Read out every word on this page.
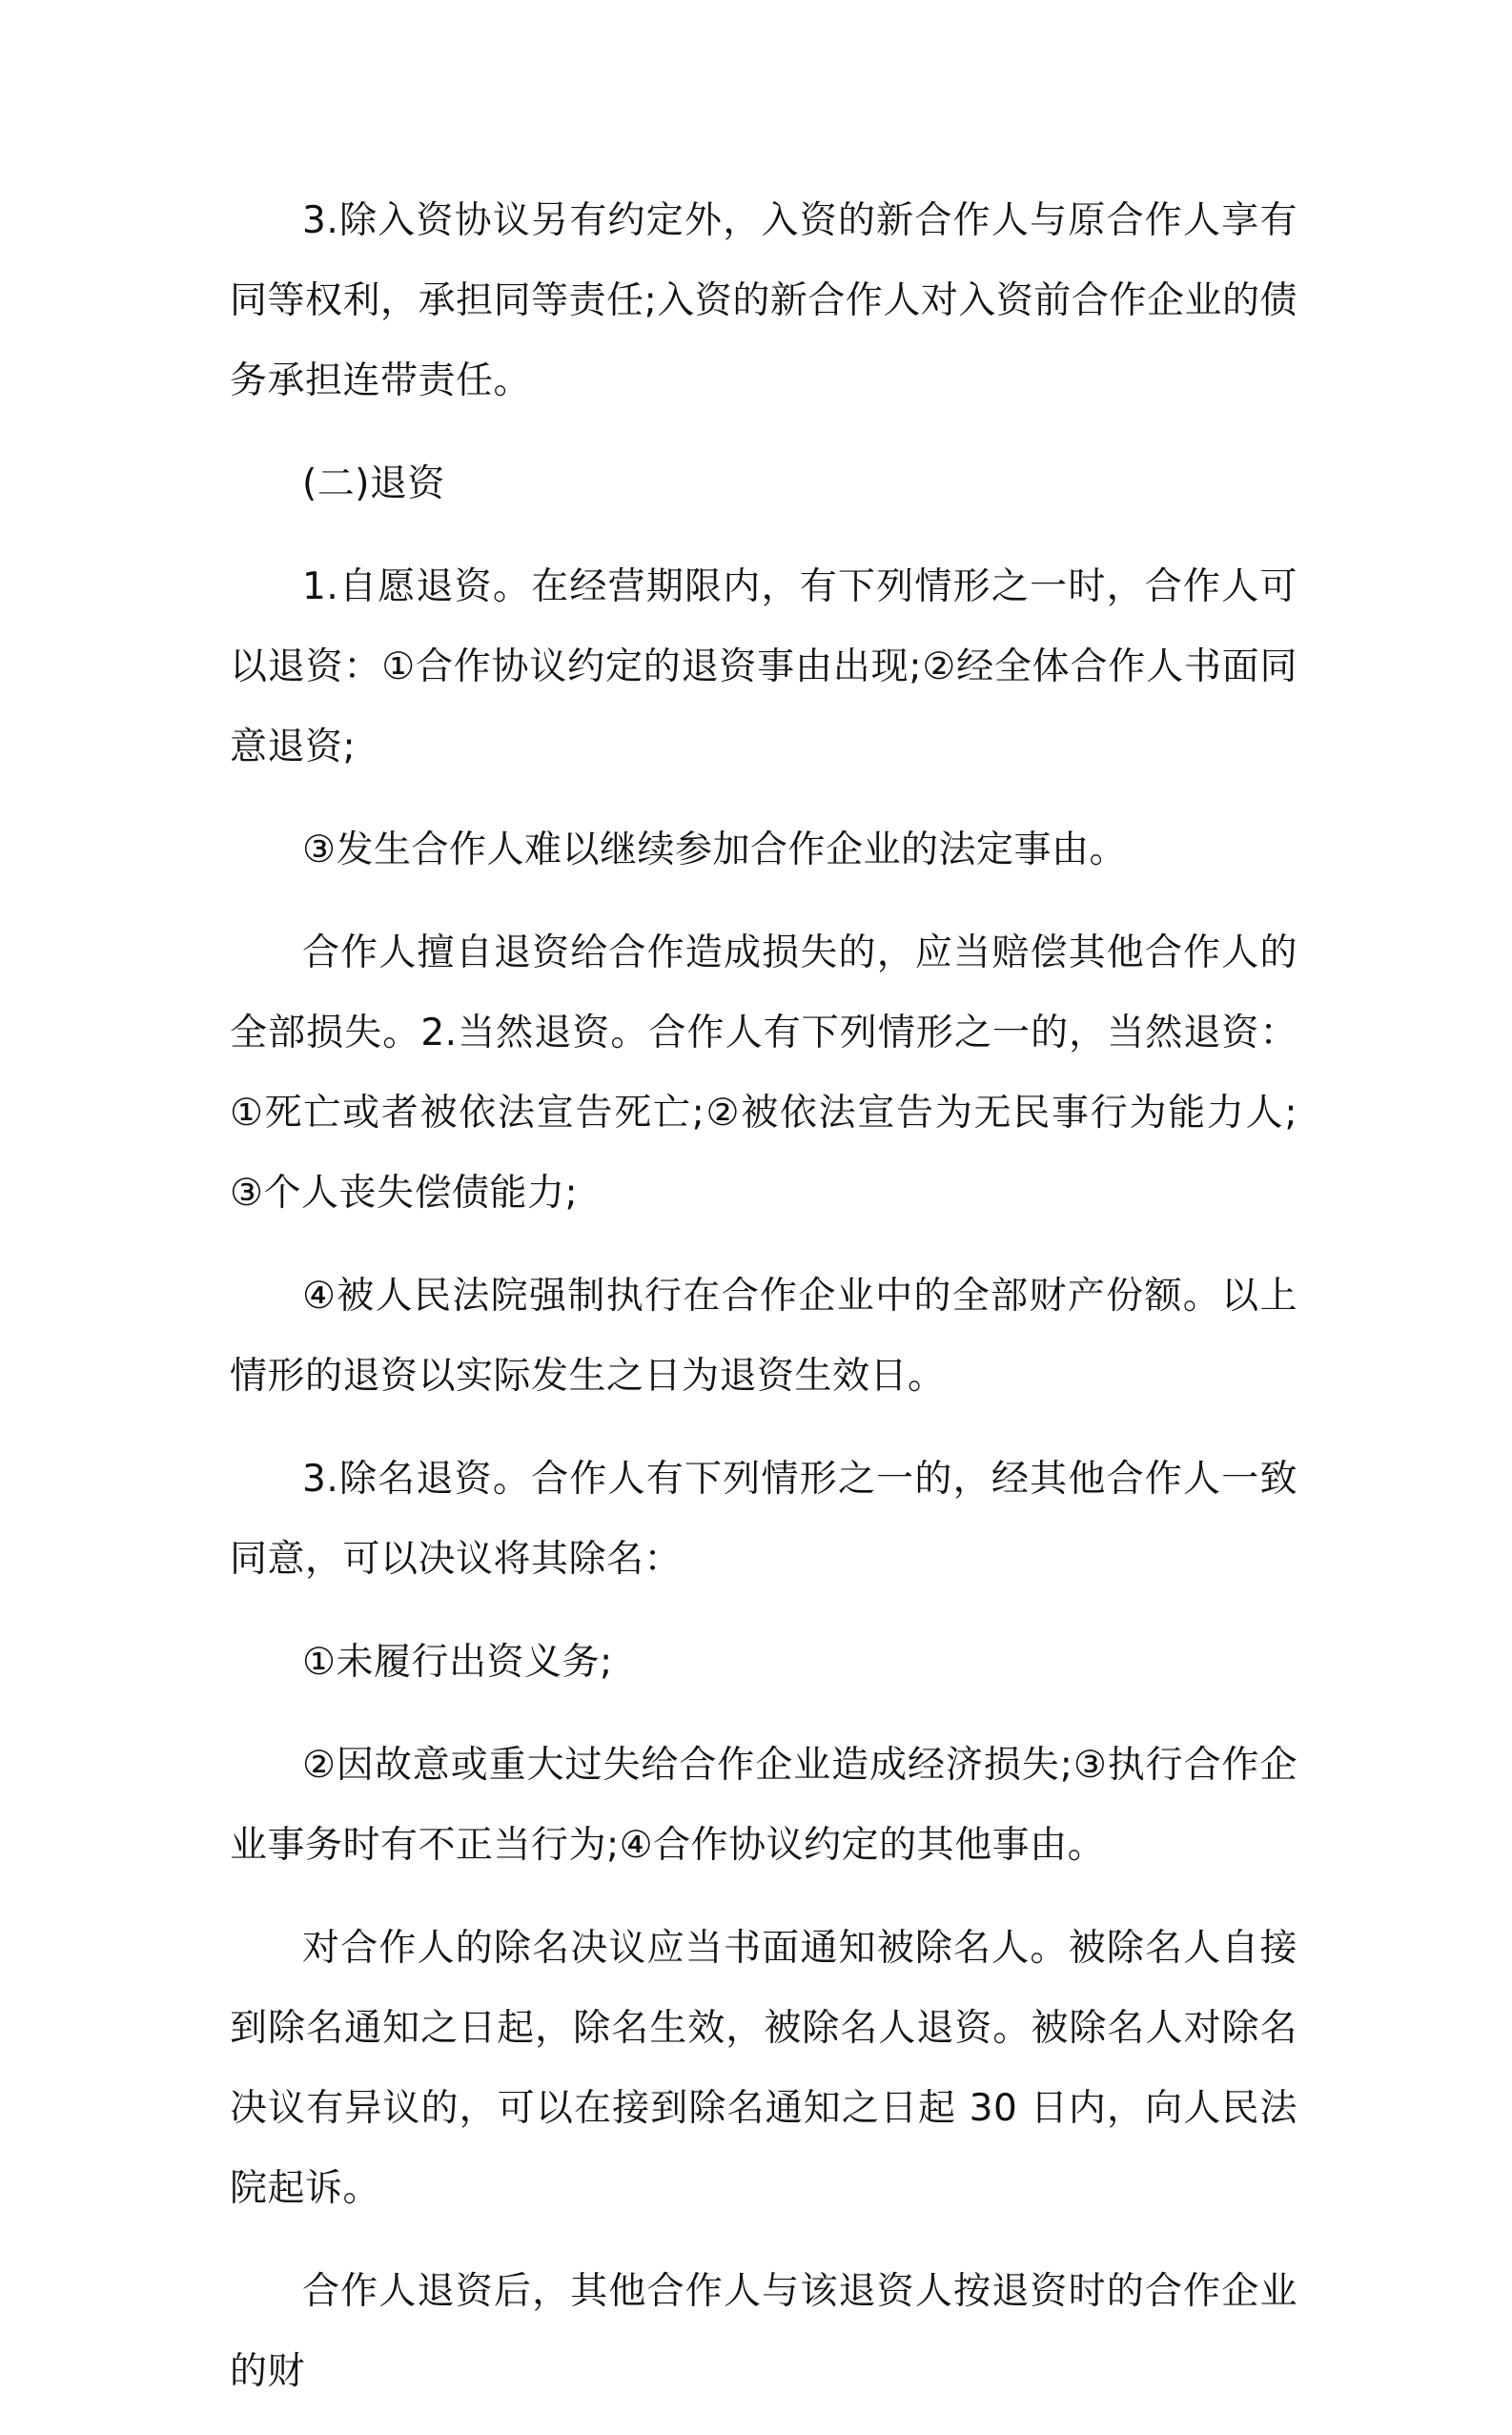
3.除入资协议另有约定外，入资的新合作人与原合作人享有同等权利，承担同等责任;入资的新合作人对入资前合作企业的债务承担连带责任。

(二)退资

1.自愿退资。在经营期限内，有下列情形之一时，合作人可以退资：①合作协议约定的退资事由出现;②经全体合作人书面同意退资;

③发生合作人难以继续参加合作企业的法定事由。

合作人擅自退资给合作造成损失的，应当赔偿其他合作人的全部损失。2.当然退资。合作人有下列情形之一的，当然退资：①死亡或者被依法宣告死亡;②被依法宣告为无民事行为能力人;③个人丧失偿债能力;

④被人民法院强制执行在合作企业中的全部财产份额。以上情形的退资以实际发生之日为退资生效日。

3.除名退资。合作人有下列情形之一的，经其他合作人一致同意，可以决议将其除名：

①未履行出资义务;

②因故意或重大过失给合作企业造成经济损失;③执行合作企业事务时有不正当行为;④合作协议约定的其他事由。

对合作人的除名决议应当书面通知被除名人。被除名人自接到除名通知之日起，除名生效，被除名人退资。被除名人对除名决议有异议的，可以在接到除名通知之日起 30 日内，向人民法院起诉。

合作人退资后，其他合作人与该退资人按退资时的合作企业的财
